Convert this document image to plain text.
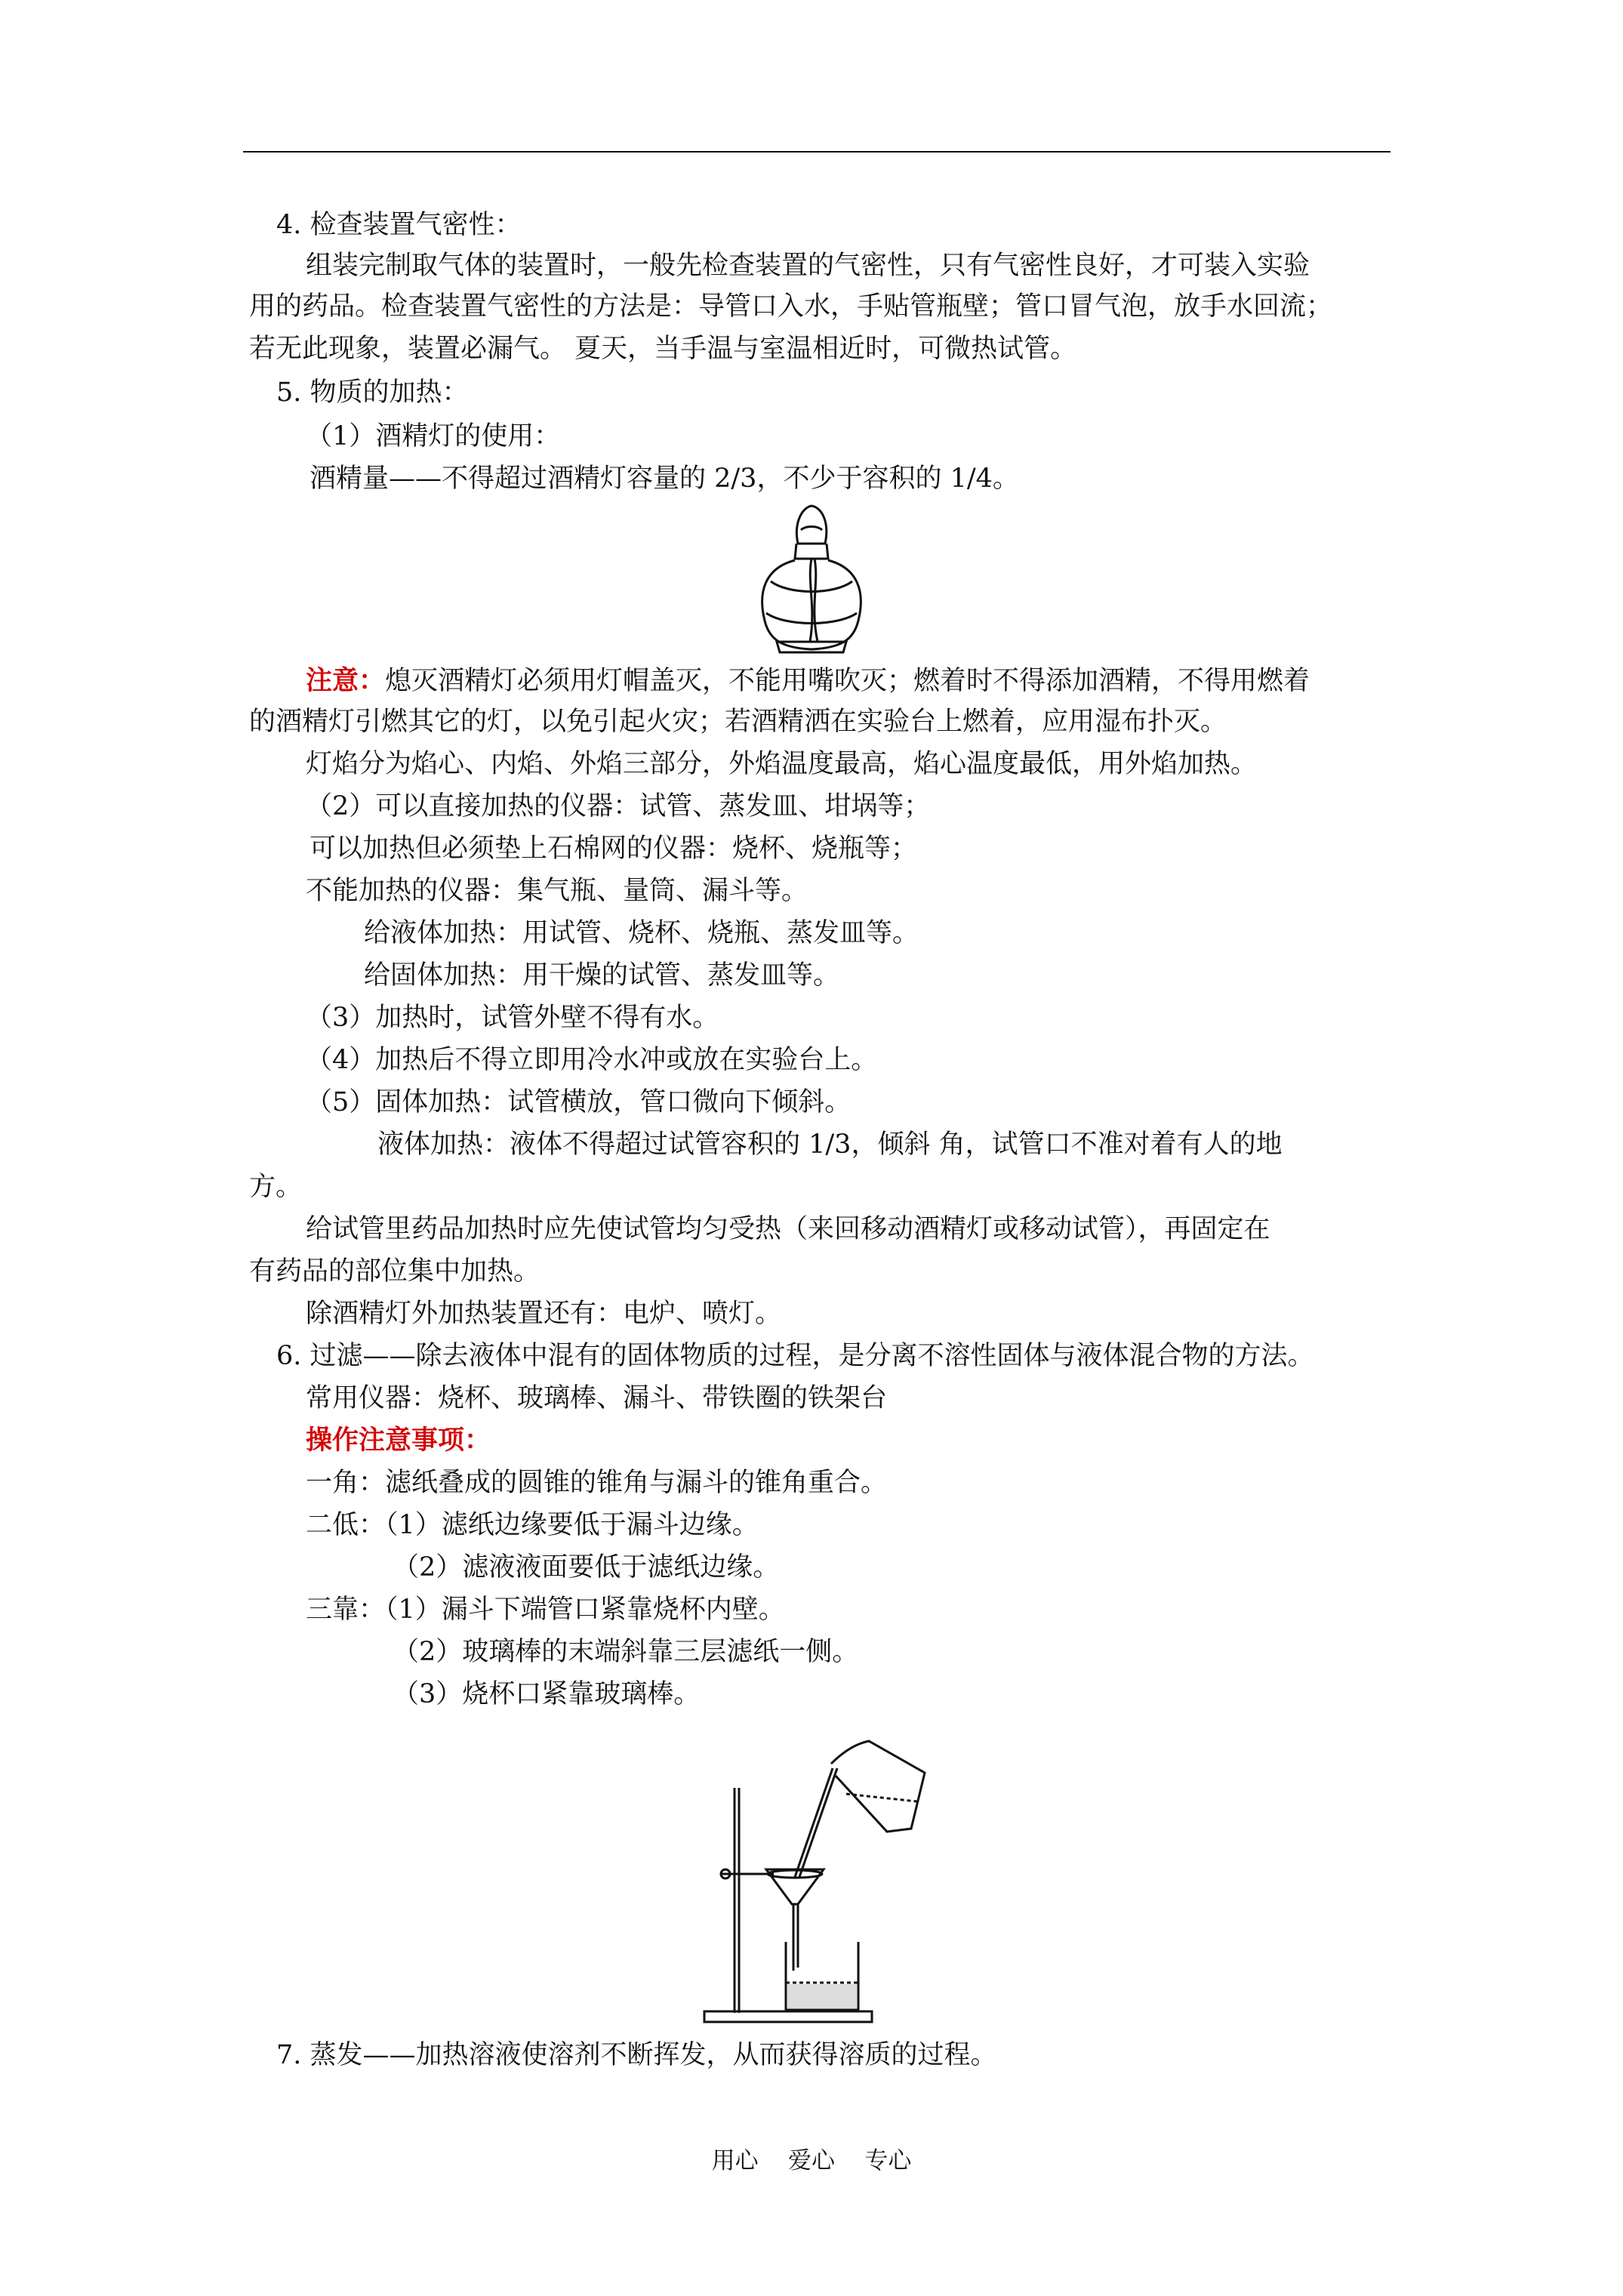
4. 检查装置气密性：
组装完制取气体的装置时，一般先检查装置的气密性，只有气密性良好，才可装入实验
用的药品。检查装置气密性的方法是：导管口入水，手贴管瓶壁；管口冒气泡，放手水回流；
若无此现象，装置必漏气。 夏天，当手温与室温相近时，可微热试管。
5. 物质的加热：
（1）酒精灯的使用：
酒精量——不得超过酒精灯容量的 2/3，不少于容积的 1/4。
注意：熄灭酒精灯必须用灯帽盖灭，不能用嘴吹灭；燃着时不得添加酒精，不得用燃着
的酒精灯引燃其它的灯，以免引起火灾；若酒精洒在实验台上燃着，应用湿布扑灭。
灯焰分为焰心、内焰、外焰三部分，外焰温度最高，焰心温度最低，用外焰加热。
（2）可以直接加热的仪器：试管、蒸发皿、坩埚等；
可以加热但必须垫上石棉网的仪器：烧杯、烧瓶等；
不能加热的仪器：集气瓶、量筒、漏斗等。
给液体加热：用试管、烧杯、烧瓶、蒸发皿等。
给固体加热：用干燥的试管、蒸发皿等。
（3）加热时，试管外壁不得有水。
（4）加热后不得立即用冷水冲或放在实验台上。
（5）固体加热：试管横放，管口微向下倾斜。
液体加热：液体不得超过试管容积的 1/3，倾斜 角，试管口不准对着有人的地
方。
给试管里药品加热时应先使试管均匀受热（来回移动酒精灯或移动试管），再固定在
有药品的部位集中加热。
除酒精灯外加热装置还有：电炉、喷灯。
6. 过滤——除去液体中混有的固体物质的过程，是分离不溶性固体与液体混合物的方法。
常用仪器：烧杯、玻璃棒、漏斗、带铁圈的铁架台
操作注意事项：
一角：滤纸叠成的圆锥的锥角与漏斗的锥角重合。
二低：（1）滤纸边缘要低于漏斗边缘。
（2）滤液液面要低于滤纸边缘。
三靠：（1）漏斗下端管口紧靠烧杯内壁。
（2）玻璃棒的末端斜靠三层滤纸一侧。
（3）烧杯口紧靠玻璃棒。
7. 蒸发——加热溶液使溶剂不断挥发，从而获得溶质的过程。
用心    爱心    专心
